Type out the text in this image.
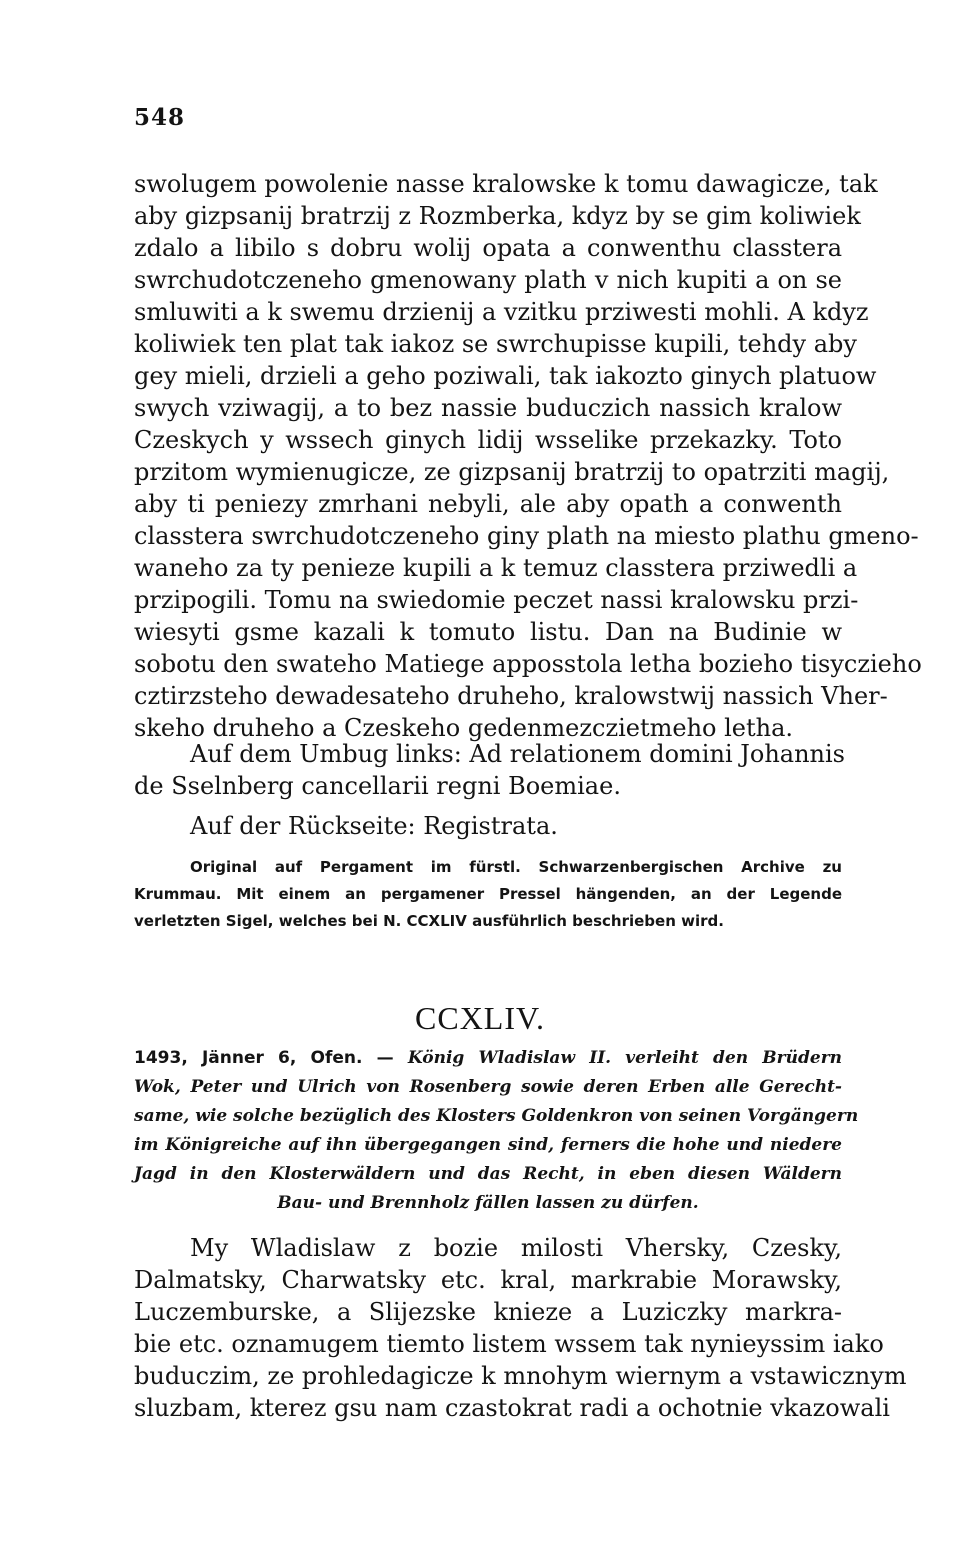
548
swolugem powolenie nasse kralowske k tomu dawagicze, tak
aby gizpsanij bratrzij z Rozmberka, kdyz by se gim koliwiek
zdalo a libilo s dobru wolij opata a conwenthu classtera
swrchudotczeneho gmenowany plath v nich kupiti a on se
smluwiti a k swemu drzienij a vzitku prziwesti mohli. A kdyz
koliwiek ten plat tak iakoz se swrchupisse kupili, tehdy aby
gey mieli, drzieli a geho poziwali, tak iakozto ginych platuow
swych vziwagij, a to bez nassie buduczich nassich kralow
Czeskych y wssech ginych lidij wsselike przekazky. Toto
przitom wymienugicze, ze gizpsanij bratrzij to opatrziti magij,
aby ti peniezy zmrhani nebyli, ale aby opath a conwenth
classtera swrchudotczeneho giny plath na miesto plathu gmeno-
waneho za ty penieze kupili a k temuz classtera prziwedli a
przipogili. Tomu na swiedomie peczet nassi kralowsku przi-
wiesyti gsme kazali k tomuto listu. Dan na Budinie w
sobotu den swateho Matiege apposstola letha bozieho tisyczieho
cztirzsteho dewadesateho druheho, kralowstwij nassich Vher-
skeho druheho a Czeskeho gedenmezczietmeho letha.
Auf dem Umbug links: Ad relationem domini Johannis
de Sselnberg cancellarii regni Boemiae.
Auf der Rückseite: Registrata.
Original auf Pergament im fürstl. Schwarzenbergischen Archive zu
Krummau. Mit einem an pergamener Pressel hängenden, an der Legende
verletzten Sigel, welches bei N. CCXLIV ausführlich beschrieben wird.
CCXLIV.
1493, Jänner 6, Ofen. — König Wladislaw II. verleiht den Brüdern
Wok, Peter und Ulrich von Rosenberg sowie deren Erben alle Gerecht-
same, wie solche bezüglich des Klosters Goldenkron von seinen Vorgängern
im Königreiche auf ihn übergegangen sind, ferners die hohe und niedere
Jagd in den Klosterwäldern und das Recht, in eben diesen Wäldern
Bau- und Brennholz fällen lassen zu dürfen.
My Wladislaw z bozie milosti Vhersky, Czesky,
Dalmatsky, Charwatsky etc. kral, markrabie Morawsky,
Luczemburske, a Slijezske knieze a Luziczky markra-
bie etc. oznamugem tiemto listem wssem tak nynieyssim iako
buduczim, ze prohledagicze k mnohym wiernym a vstawicznym
sluzbam, kterez gsu nam czastokrat radi a ochotnie vkazowali
